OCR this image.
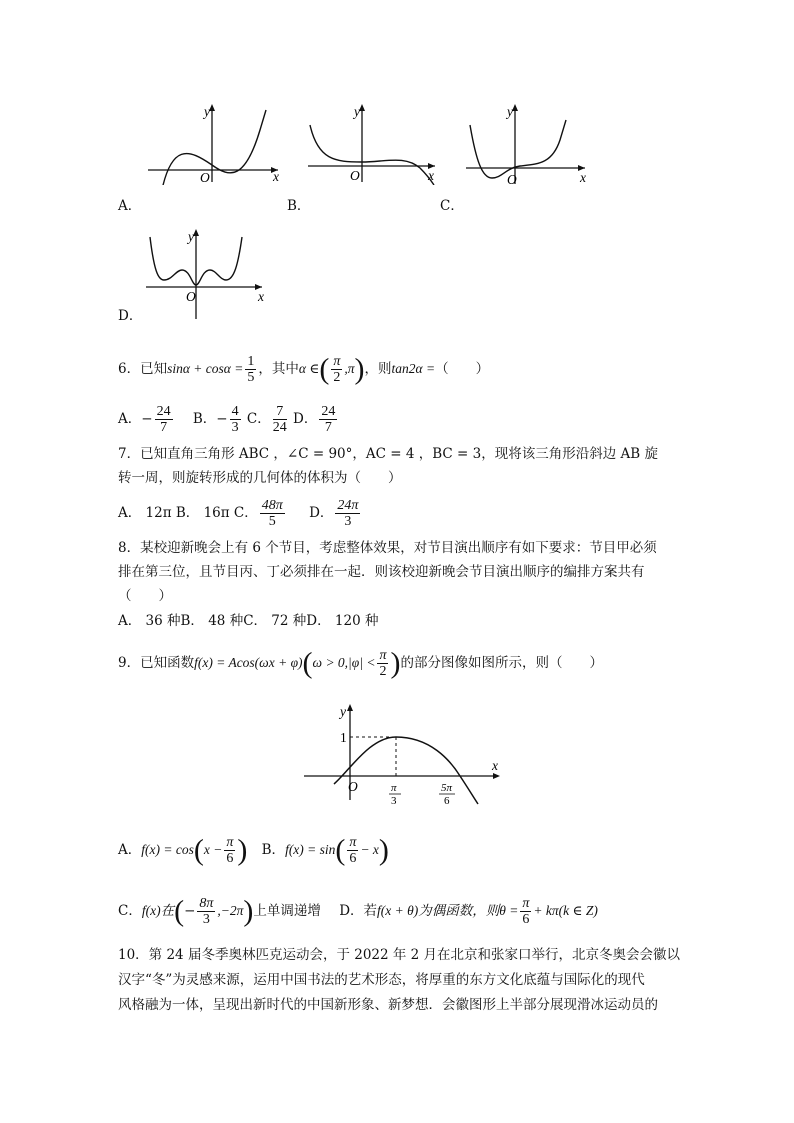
y
x
O
A．
y
x
O
B．
y
x
O
C．
y
x
O
D．
6．已知$\sin\alpha + \cos\alpha = \frac{1}{5}$ ，其中α ∈( $\frac{\pi}{2} ,\pi$)，则tan2α =（　　）
A．− $\frac{24}{7}$ B．− $\frac{4}{3}$ C． $\frac{7}{24}$ D． $\frac{24}{7}$
7．已知直角三角形 ABC ，∠C = 90°，AC = 4 ，BC = 3，现将该三角形沿斜边 AB 旋
转一周，则旋转形成的几何体的体积为（　　）
A． 12π B． 16π C． $\frac{48\pi}{5}$ D． $\frac{24\pi}{3}$
8．某校迎新晚会上有 6 个节目，考虑整体效果，对节目演出顺序有如下要求：节目甲必须
排在第三位，且节目丙、丁必须排在一起．则该校迎新晚会节目演出顺序的编排方案共有
（　　）
A． 36 种B． 48 种C． 72 种D． 120 种
9．已知函数$f(x) = Acos(\omega x + \varphi)(\omega > 0,|\varphi| < \frac{\pi}{2}$ )的部分图像如图所示，则（　　）
y
x
O
1
π
3
5π
6
A．$f(x) = \cos(x - \frac{\pi}{6}$ ) B．$f(x) = \sin( \frac{\pi}{6} - x)$
C．f(x)在(− $\frac{8\pi}{3} ,-2\pi$)上单调递增 D．若f(x + θ)为偶函数，则$\theta = \frac{\pi}{6} + k\pi(k$ ∈ Z)
10．第 24 届冬季奥林匹克运动会，于 2022 年 2 月在北京和张家口举行，北京冬奥会会徽以
汉字“冬”为灵感来源，运用中国书法的艺术形态，将厚重的东方文化底蕴与国际化的现代
风格融为一体，呈现出新时代的中国新形象、新梦想．会徽图形上半部分展现滑冰运动员的
